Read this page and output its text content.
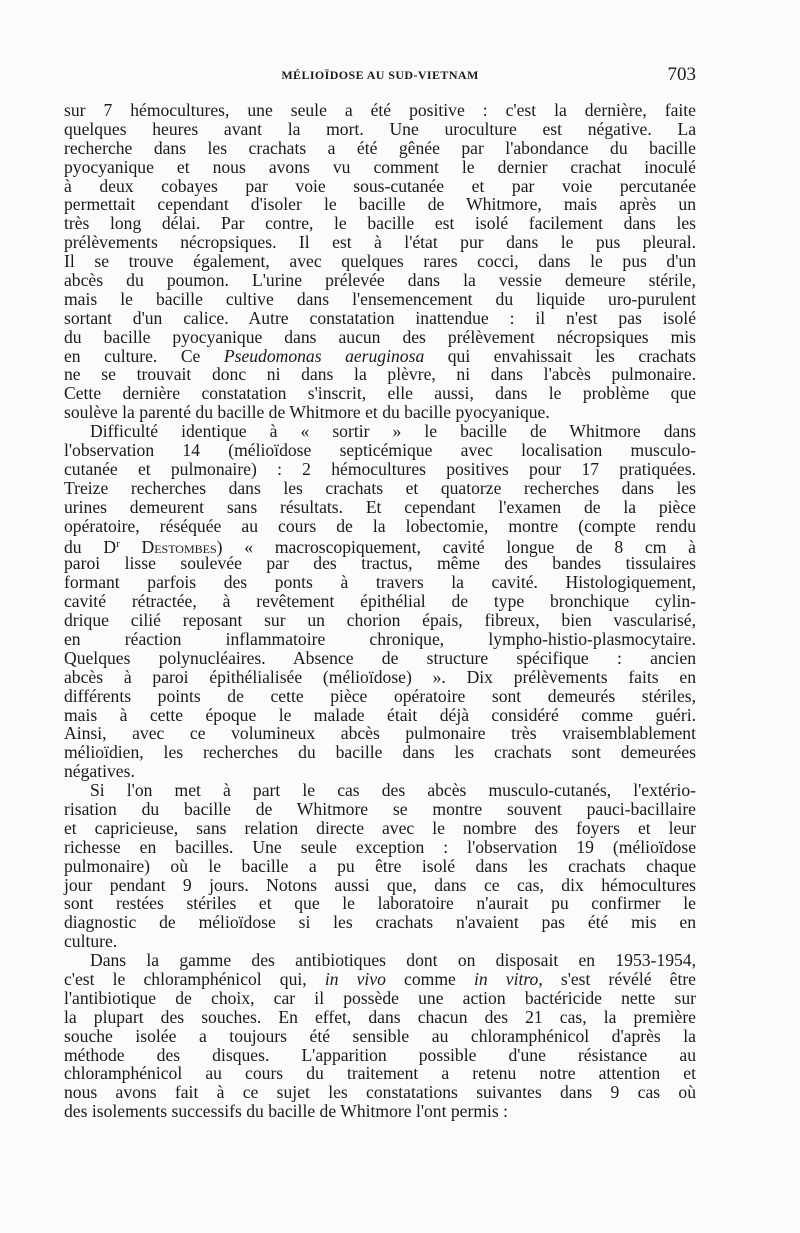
MÉLIOÏDOSE AU SUD-VIETNAM	703
sur 7 hémocultures, une seule a été positive : c'est la dernière, faite
quelques heures avant la mort. Une uroculture est négative. La
recherche dans les crachats a été gênée par l'abondance du bacille
pyocyanique et nous avons vu comment le dernier crachat inoculé
à deux cobayes par voie sous-cutanée et par voie percutanée
permettait cependant d'isoler le bacille de Whitmore, mais après un
très long délai. Par contre, le bacille est isolé facilement dans les
prélèvements nécropsiques. Il est à l'état pur dans le pus pleural.
Il se trouve également, avec quelques rares cocci, dans le pus d'un
abcès du poumon. L'urine prélevée dans la vessie demeure stérile,
mais le bacille cultive dans l'ensemencement du liquide uro-purulent
sortant d'un calice. Autre constatation inattendue : il n'est pas isolé
du bacille pyocyanique dans aucun des prélèvement nécropsiques mis
en culture. Ce Pseudomonas aeruginosa qui envahissait les crachats
ne se trouvait donc ni dans la plèvre, ni dans l'abcès pulmonaire.
Cette dernière constatation s'inscrit, elle aussi, dans le problème que
soulève la parenté du bacille de Whitmore et du bacille pyocyanique.
Difficulté identique à « sortir » le bacille de Whitmore dans
l'observation 14 (mélioïdose septicémique avec localisation musculo-
cutanée et pulmonaire) : 2 hémocultures positives pour 17 pratiquées.
Treize recherches dans les crachats et quatorze recherches dans les
urines demeurent sans résultats. Et cependant l'examen de la pièce
opératoire, réséquée au cours de la lobectomie, montre (compte rendu
du $D^r$ Destombes) « macroscopiquement, cavité longue de 8 cm à
paroi lisse soulevée par des tractus, même des bandes tissulaires
formant parfois des ponts à travers la cavité. Histologiquement,
cavité rétractée, à revêtement épithélial de type bronchique cylin-
drique cilié reposant sur un chorion épais, fibreux, bien vascularisé,
en réaction inflammatoire chronique, lympho-histio-plasmocytaire.
Quelques polynucléaires. Absence de structure spécifique : ancien
abcès à paroi épithélialisée (mélioïdose) ». Dix prélèvements faits en
différents points de cette pièce opératoire sont demeurés stériles,
mais à cette époque le malade était déjà considéré comme guéri.
Ainsi, avec ce volumineux abcès pulmonaire très vraisemblablement
mélioïdien, les recherches du bacille dans les crachats sont demeurées
négatives.
Si l'on met à part le cas des abcès musculo-cutanés, l'extério-
risation du bacille de Whitmore se montre souvent pauci-bacillaire
et capricieuse, sans relation directe avec le nombre des foyers et leur
richesse en bacilles. Une seule exception : l'observation 19 (mélioïdose
pulmonaire) où le bacille a pu être isolé dans les crachats chaque
jour pendant 9 jours. Notons aussi que, dans ce cas, dix hémocultures
sont restées stériles et que le laboratoire n'aurait pu confirmer le
diagnostic de mélioïdose si les crachats n'avaient pas été mis en
culture.
Dans la gamme des antibiotiques dont on disposait en 1953-1954,
c'est le chloramphénicol qui, in vivo comme in vitro, s'est révélé être
l'antibiotique de choix, car il possède une action bactéricide nette sur
la plupart des souches. En effet, dans chacun des 21 cas, la première
souche isolée a toujours été sensible au chloramphénicol d'après la
méthode des disques. L'apparition possible d'une résistance au
chloramphénicol au cours du traitement a retenu notre attention et
nous avons fait à ce sujet les constatations suivantes dans 9 cas où
des isolements successifs du bacille de Whitmore l'ont permis :
